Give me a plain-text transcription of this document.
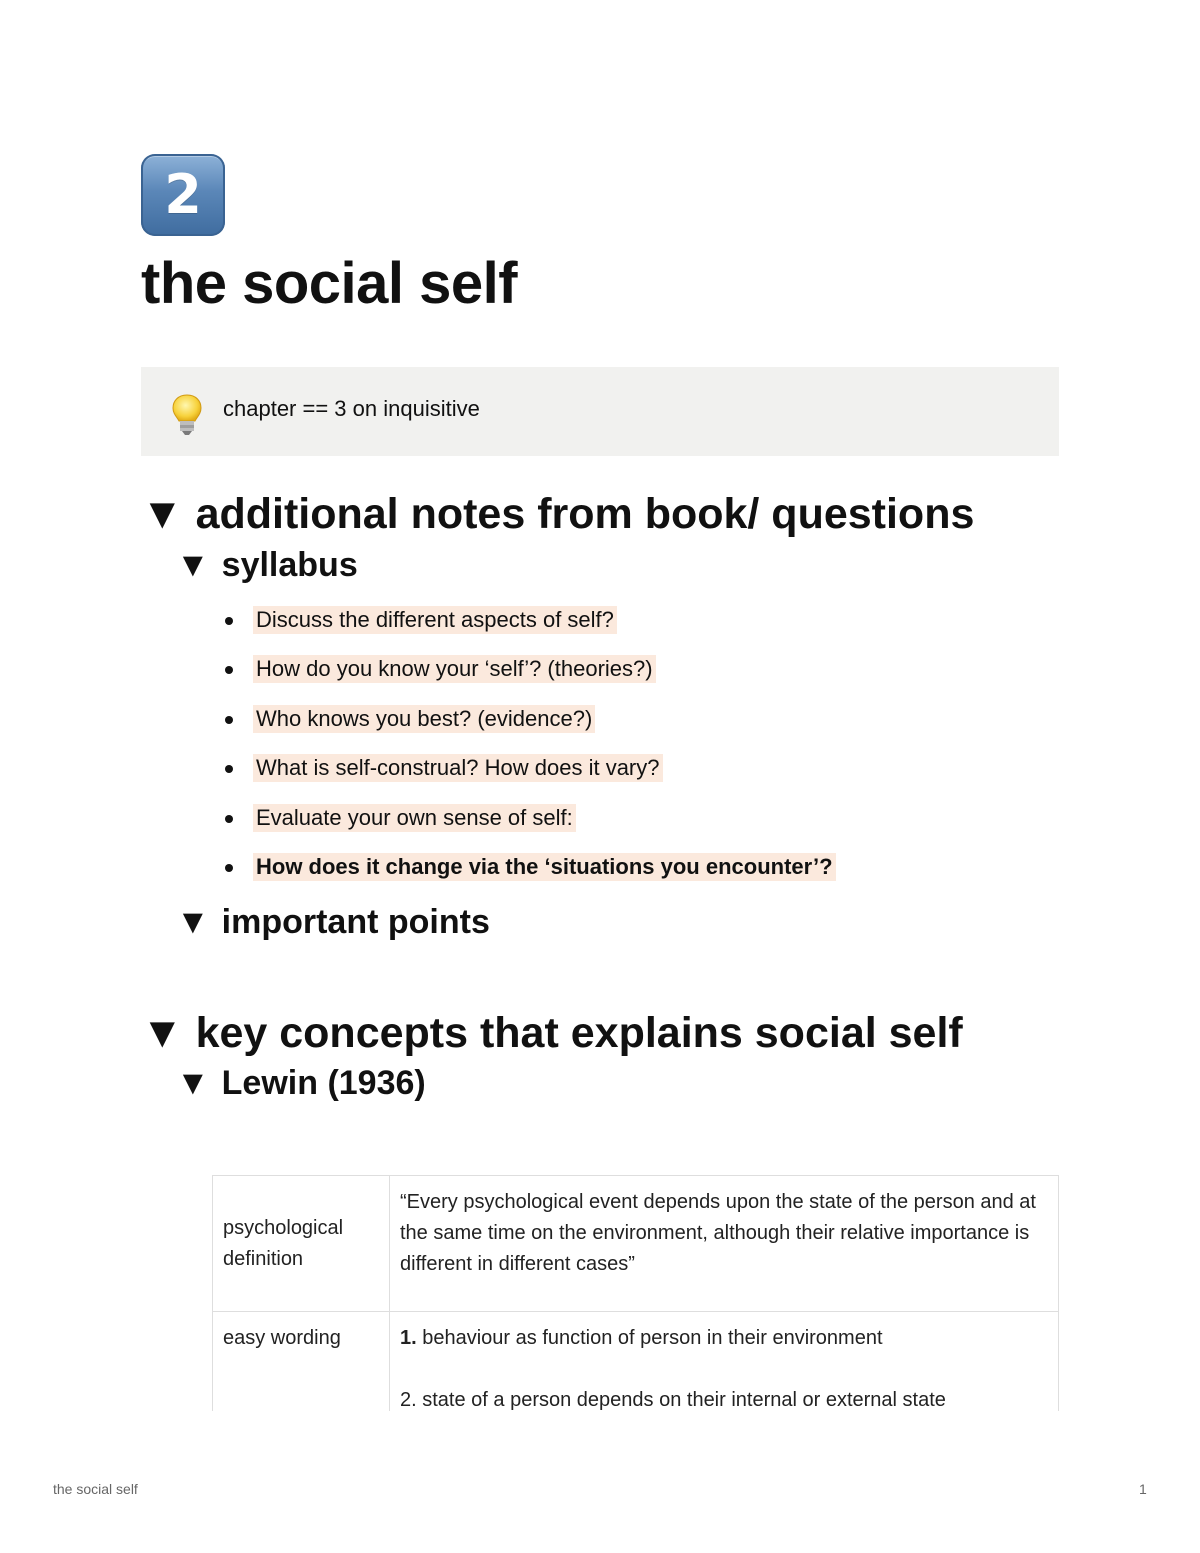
2
the social self
chapter == 3 on inquisitive
▼ additional notes from book/ questions
▼ syllabus
Discuss the different aspects of self?
How do you know your ‘self’? (theories?)
Who knows you best? (evidence?)
What is self-construal? How does it vary?
Evaluate your own sense of self:
How does it change via the ‘situations you encounter’?
▼ important points
▼ key concepts that explains social self
▼ Lewin (1936)
psychological definition	“Every psychological event depends upon the state of the person and at the same time on the environment, although their relative importance is different in different cases”
easy wording	1. behaviour as function of person in their environment
2. state of a person depends on their internal or external state
the social self	1
